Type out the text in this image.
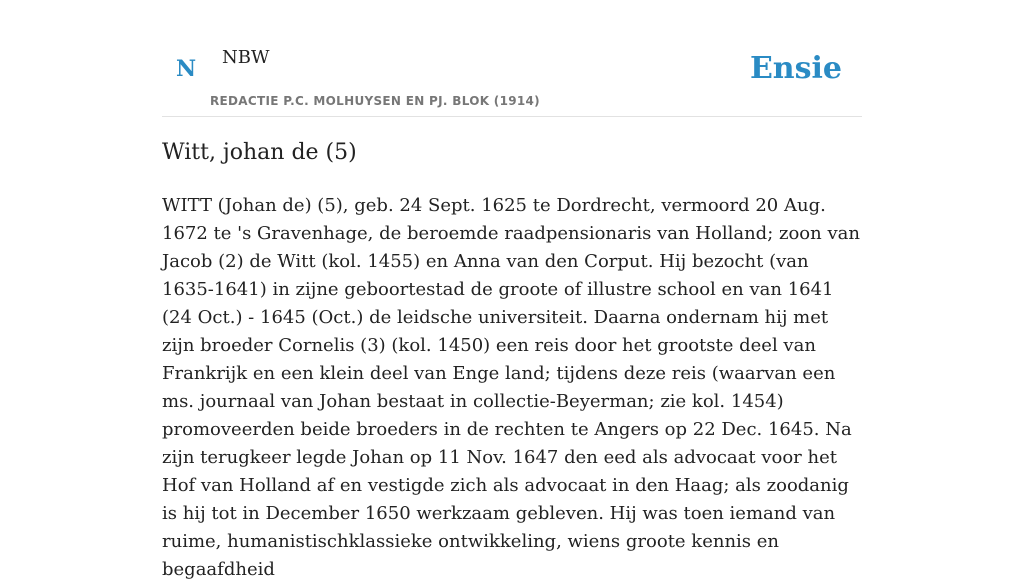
N NBW
REDACTIE P.C. MOLHUYSEN EN PJ. BLOK (1914)
Ensie
Witt, johan de (5)

WITT (Johan de) (5), geb. 24 Sept. 1625 te Dordrecht, vermoord 20 Aug. 1672 te 's Gravenhage, de beroemde raadpensionaris van Holland; zoon van Jacob (2) de Witt (kol. 1455) en Anna van den Corput. Hij bezocht (van 1635-1641) in zijne geboortestad de groote of illustre school en van 1641 (24 Oct.) - 1645 (Oct.) de leidsche universiteit. Daarna ondernam hij met zijn broeder Cornelis (3) (kol. 1450) een reis door het grootste deel van Frankrijk en een klein deel van Enge land; tijdens deze reis (waarvan een ms. journaal van Johan bestaat in collectie-Beyerman; zie kol. 1454) promoveerden beide broeders in de rechten te Angers op 22 Dec. 1645. Na zijn terugkeer legde Johan op 11 Nov. 1647 den eed als advocaat voor het Hof van Holland af en vestigde zich als advocaat in den Haag; als zoodanig is hij tot in December 1650 werkzaam gebleven. Hij was toen iemand van ruime, humanistischklassieke ontwikkeling, wiens groote kennis en begaafdheid
